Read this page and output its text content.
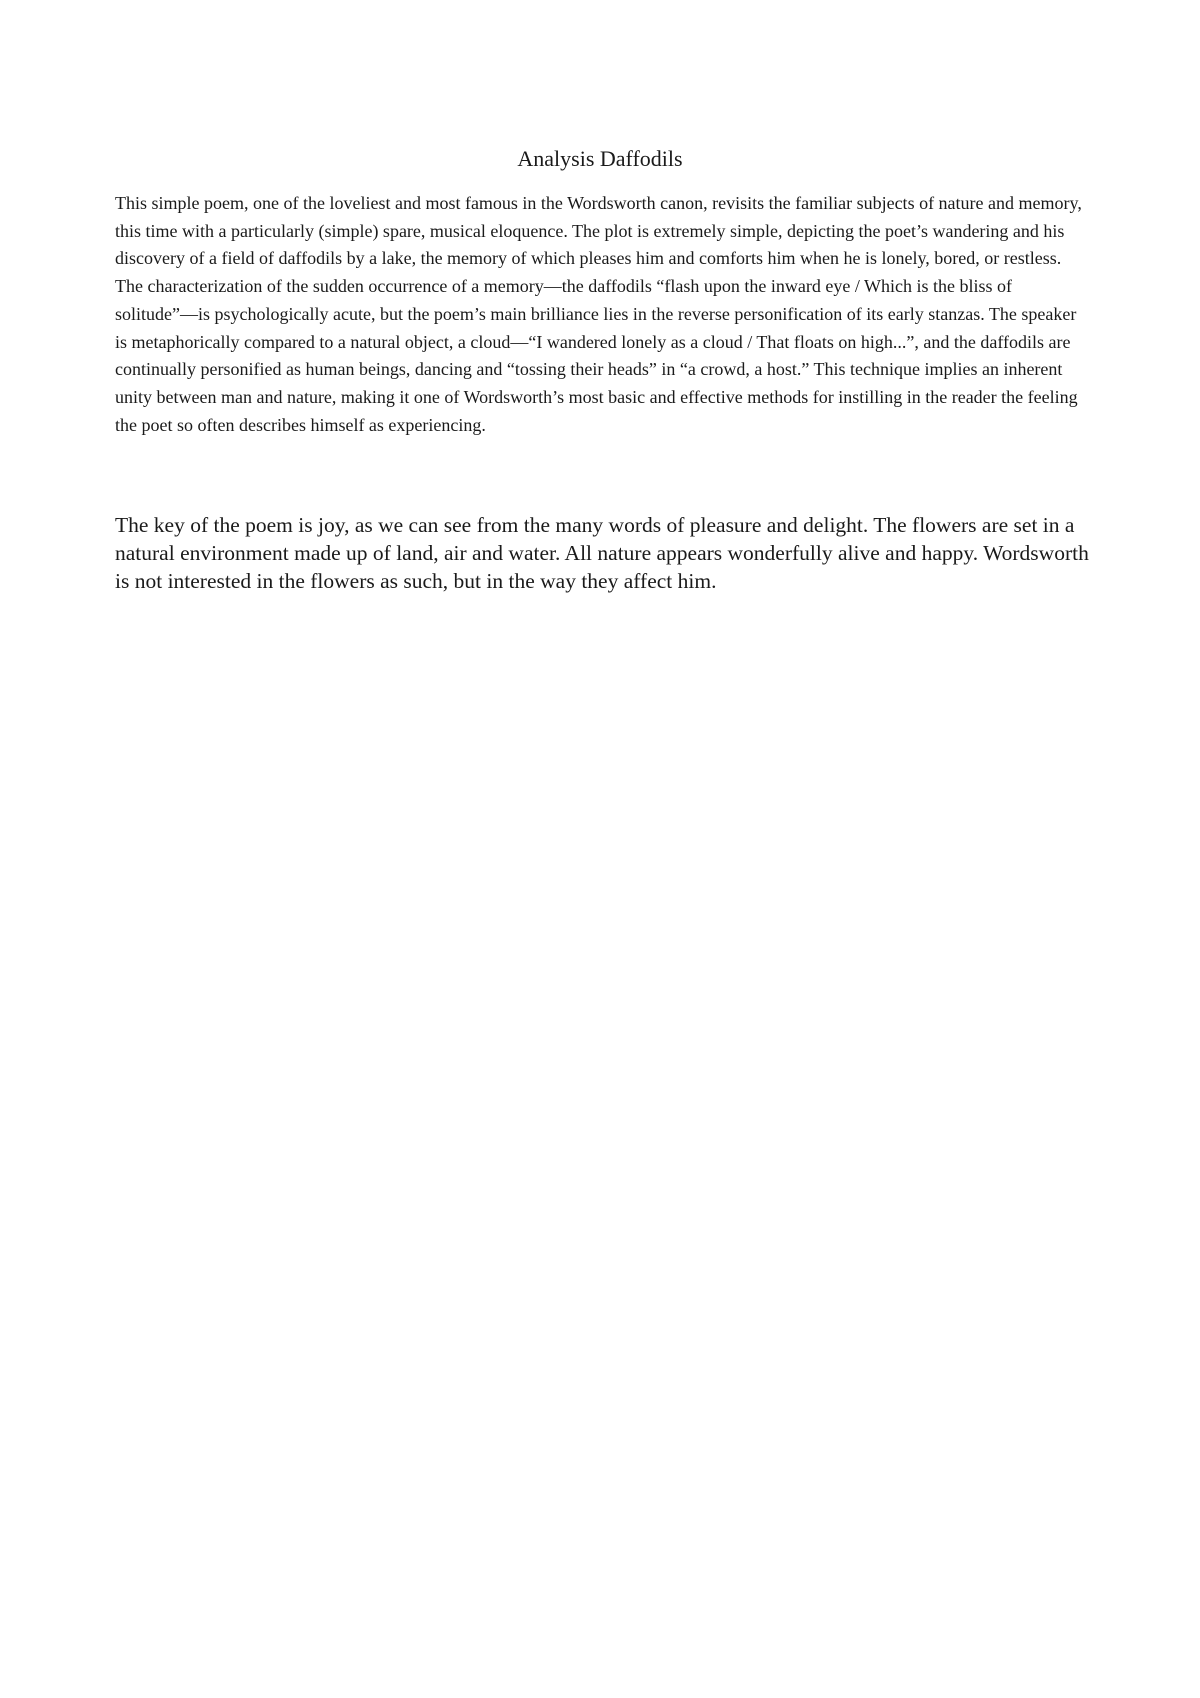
Analysis Daffodils

This simple poem, one of the loveliest and most famous in the Wordsworth canon, revisits the familiar subjects of nature and memory, this time with a particularly (simple) spare, musical eloquence. The plot is extremely simple, depicting the poet’s wandering and his discovery of a field of daffodils by a lake, the memory of which pleases him and comforts him when he is lonely, bored, or restless. The characterization of the sudden occurrence of a memory—the daffodils “flash upon the inward eye / Which is the bliss of solitude”—is psychologically acute, but the poem’s main brilliance lies in the reverse personification of its early stanzas. The speaker is metaphorically compared to a natural object, a cloud—“I wandered lonely as a cloud / That floats on high...”, and the daffodils are continually personified as human beings, dancing and “tossing their heads” in “a crowd, a host.” This technique implies an inherent unity between man and nature, making it one of Wordsworth’s most basic and effective methods for instilling in the reader the feeling the poet so often describes himself as experiencing.

The key of the poem is joy, as we can see from the many words of pleasure and delight. The flowers are set in a natural environment made up of land, air and water. All nature appears wonderfully alive and happy. Wordsworth is not interested in the flowers as such, but in the way they affect him.
